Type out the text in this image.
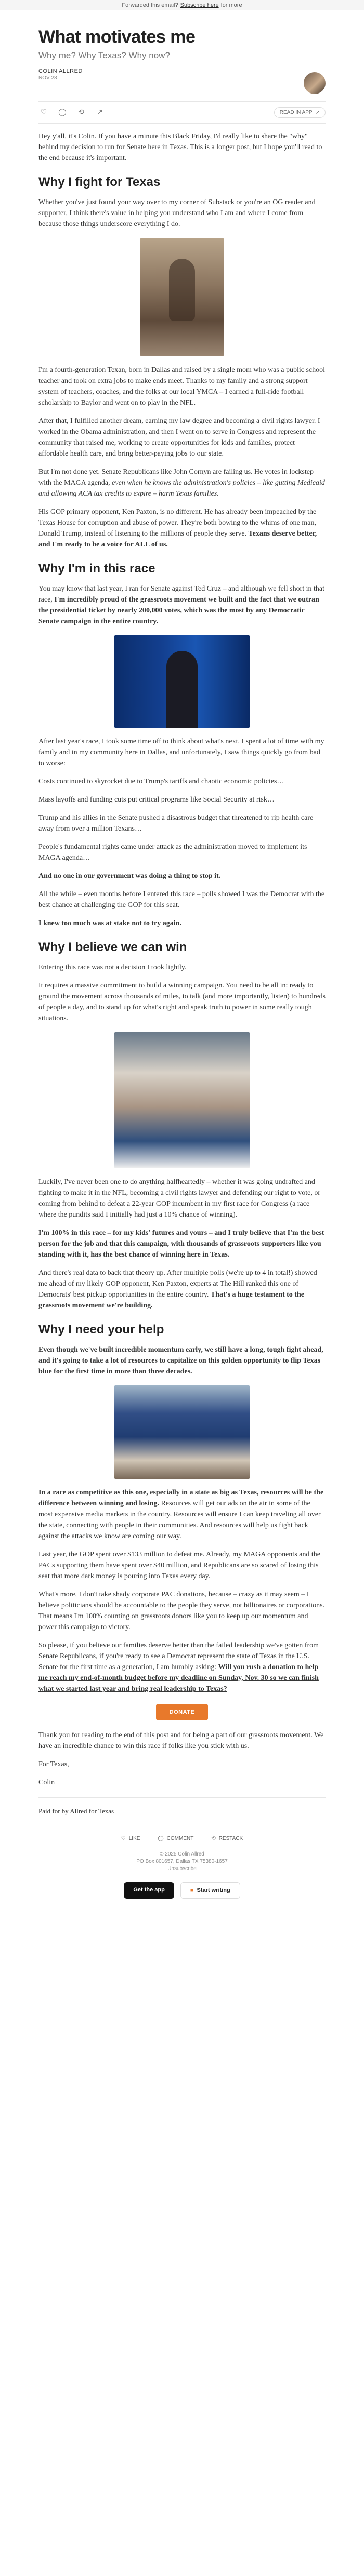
Forwarded this email? Subscribe here for more
What motivates me
Why me? Why Texas? Why now?
COLIN ALLRED
NOV 28
♡ ◯ ⟲ ↗	READ IN APP ↗

Hey y'all, it's Colin. If you have a minute this Black Friday, I'd really like to share the "why" behind my decision to run for Senate here in Texas. This is a longer post, but I hope you'll read to the end because it's important.

Why I fight for Texas

Whether you've just found your way over to my corner of Substack or you're an OG reader and supporter, I think there's value in helping you understand who I am and where I come from because those things underscore everything I do.

I'm a fourth-generation Texan, born in Dallas and raised by a single mom who was a public school teacher and took on extra jobs to make ends meet. Thanks to my family and a strong support system of teachers, coaches, and the folks at our local YMCA – I earned a full-ride football scholarship to Baylor and went on to play in the NFL.

After that, I fulfilled another dream, earning my law degree and becoming a civil rights lawyer. I worked in the Obama administration, and then I went on to serve in Congress and represent the community that raised me, working to create opportunities for kids and families, protect affordable health care, and bring better-paying jobs to our state.

But I'm not done yet. Senate Republicans like John Cornyn are failing us. He votes in lockstep with the MAGA agenda, even when he knows the administration's policies – like gutting Medicaid and allowing ACA tax credits to expire – harm Texas families.

His GOP primary opponent, Ken Paxton, is no different. He has already been impeached by the Texas House for corruption and abuse of power. They're both bowing to the whims of one man, Donald Trump, instead of listening to the millions of people they serve. Texans deserve better, and I'm ready to be a voice for ALL of us.

Why I'm in this race

You may know that last year, I ran for Senate against Ted Cruz – and although we fell short in that race, I'm incredibly proud of the grassroots movement we built and the fact that we outran the presidential ticket by nearly 200,000 votes, which was the most by any Democratic Senate campaign in the entire country.

After last year's race, I took some time off to think about what's next. I spent a lot of time with my family and in my community here in Dallas, and unfortunately, I saw things quickly go from bad to worse:

Costs continued to skyrocket due to Trump's tariffs and chaotic economic policies…

Mass layoffs and funding cuts put critical programs like Social Security at risk…

Trump and his allies in the Senate pushed a disastrous budget that threatened to rip health care away from over a million Texans…

People's fundamental rights came under attack as the administration moved to implement its MAGA agenda…

And no one in our government was doing a thing to stop it.

All the while – even months before I entered this race – polls showed I was the Democrat with the best chance at challenging the GOP for this seat.

I knew too much was at stake not to try again.

Why I believe we can win

Entering this race was not a decision I took lightly.

It requires a massive commitment to build a winning campaign. You need to be all in: ready to ground the movement across thousands of miles, to talk (and more importantly, listen) to hundreds of people a day, and to stand up for what's right and speak truth to power in some really tough situations.

Luckily, I've never been one to do anything halfheartedly – whether it was going undrafted and fighting to make it in the NFL, becoming a civil rights lawyer and defending our right to vote, or coming from behind to defeat a 22-year GOP incumbent in my first race for Congress (a race where the pundits said I initially had just a 10% chance of winning).

I'm 100% in this race – for my kids' futures and yours – and I truly believe that I'm the best person for the job and that this campaign, with thousands of grassroots supporters like you standing with it, has the best chance of winning here in Texas.

And there's real data to back that theory up. After multiple polls (we're up to 4 in total!) showed me ahead of my likely GOP opponent, Ken Paxton, experts at The Hill ranked this one of Democrats' best pickup opportunities in the entire country. That's a huge testament to the grassroots movement we're building.

Why I need your help

Even though we've built incredible momentum early, we still have a long, tough fight ahead, and it's going to take a lot of resources to capitalize on this golden opportunity to flip Texas blue for the first time in more than three decades.

In a race as competitive as this one, especially in a state as big as Texas, resources will be the difference between winning and losing. Resources will get our ads on the air in some of the most expensive media markets in the country. Resources will ensure I can keep traveling all over the state, connecting with people in their communities. And resources will help us fight back against the attacks we know are coming our way.

Last year, the GOP spent over $133 million to defeat me. Already, my MAGA opponents and the PACs supporting them have spent over $40 million, and Republicans are so scared of losing this seat that more dark money is pouring into Texas every day.

What's more, I don't take shady corporate PAC donations, because – crazy as it may seem – I believe politicians should be accountable to the people they serve, not billionaires or corporations. That means I'm 100% counting on grassroots donors like you to keep up our momentum and power this campaign to victory.

So please, if you believe our families deserve better than the failed leadership we've gotten from Senate Republicans, if you're ready to see a Democrat represent the state of Texas in the U.S. Senate for the first time as a generation, I am humbly asking: Will you rush a donation to help me reach my end-of-month budget before my deadline on Sunday, Nov. 30 so we can finish what we started last year and bring real leadership to Texas?

DONATE

Thank you for reading to the end of this post and for being a part of our grassroots movement. We have an incredible chance to win this race if folks like you stick with us.

For Texas,

Colin

Paid for by Allred for Texas

♡ LIKE	◯ COMMENT	⟲ RESTACK
© 2025 Colin Allred
PO Box 801657, Dallas TX 75380-1657
Unsubscribe
Get the app	■ Start writing
